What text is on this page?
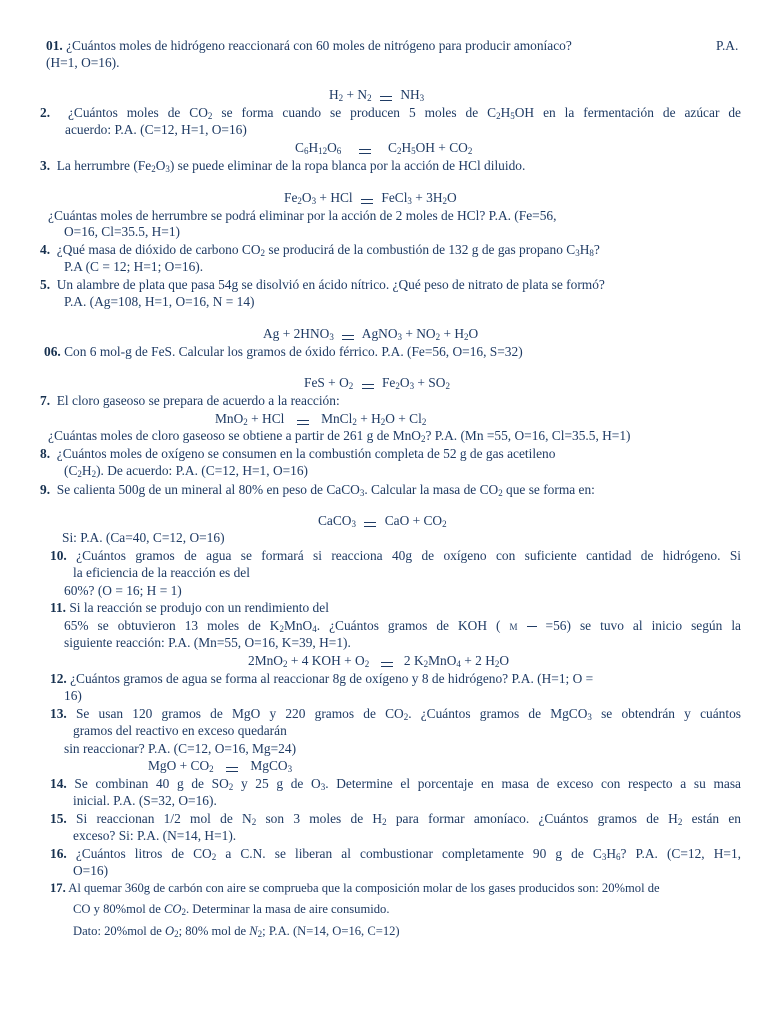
01. ¿Cuántos moles de hidrógeno reaccionará con 60 moles de nitrógeno para producir amoníaco?	P.A.
(H=1, O=16).
$H_2 + N_2$ $NH_3$
2. ¿Cuántos moles de $CO_2$ se forma cuando se producen 5 moles de $C_2H_5OH$ en la fermentación de azúcar de
acuerdo: P.A. (C=12, H=1, O=16)
$C_6H_{12}O_6$	$C_2H_5OH + CO_2$
3. La herrumbre $(Fe_2O_3)$ se puede eliminar de la ropa blanca por la acción de HCl diluido.
$Fe_2O_3$ + HCl FeCl$_3$ + $3H_2O$
¿Cuántas moles de herrumbre se podrá eliminar por la acción de 2 moles de HCl? P.A. (Fe=56,
O=16, Cl=35.5, H=1)
4. ¿Qué masa de dióxido de carbono $CO_2$ se producirá de la combustión de 132 g de gas propano $C_3H_8$?
P.A (C = 12; H=1; O=16).
5. Un alambre de plata que pasa 54g se disolvió en ácido nítrico. ¿Qué peso de nitrato de plata se formó?
P.A. (Ag=108, H=1, O=16, N = 14)
$Ag + 2HNO_3$ AgNO$_3$ + $NO_2 + H_2O$
06. Con 6 mol-g de FeS. Calcular los gramos de óxido férrico. P.A. (Fe=56, O=16, S=32)
FeS + $O_2$ $Fe_2O_3 + SO_2$
7. El cloro gaseoso se prepara de acuerdo a la reacción:
MnO$_2$ + HCl	MnCl$_2$ + $H_2O + Cl_2$
¿Cuántas moles de cloro gaseoso se obtiene a partir de 261 g de MnO$_2$? P.A. (Mn =55, O=16, Cl=35.5, H=1)
8. ¿Cuántos moles de oxígeno se consumen en la combustión completa de 52 g de gas acetileno
$(C_2H_2)$. De acuerdo: P.A. (C=12, H=1, O=16)
9. Se calienta 500g de un mineral al 80% en peso de CaCO$_3$. Calcular la masa de $CO_2$ que se forma en:
CaCO$_3$ CaO + $CO_2$
Si: P.A. (Ca=40, C=12, O=16)
10. ¿Cuántos gramos de agua se formará si reacciona 40g de oxígeno con suficiente cantidad de hidrógeno. Si
la eficiencia de la reacción es del
60%? (O = 16; H = 1)
11. Si la reacción se produjo con un rendimiento del
65% se obtuvieron 13 moles de $K_2MnO_4$. ¿Cuántos gramos de KOH ( M =56) se tuvo al inicio según la
siguiente reacción: P.A. (Mn=55, O=16, K=39, H=1).
2MnO$_2$ + 4 KOH + $O_2$	2 $K_2MnO_4 + 2$ $H_2O$
12. ¿Cuántos gramos de agua se forma al reaccionar 8g de oxígeno y 8 de hidrógeno? P.A. (H=1; O =
16)
13. Se usan 120 gramos de MgO y 220 gramos de $CO_2$. ¿Cuántos gramos de MgCO$_3$ se obtendrán y cuántos
gramos del reactivo en exceso quedarán
sin reaccionar? P.A. (C=12, O=16, Mg=24)
MgO + $CO_2$	MgCO$_3$
14. Se combinan 40 g de $SO_2$ y 25 g de $O_3$. Determine el porcentaje en masa de exceso con respecto a su masa
inicial. P.A. (S=32, O=16).
15. Si reaccionan 1/2 mol de $N_2$ son 3 moles de $H_2$ para formar amoníaco. ¿Cuántos gramos de $H_2$ están en
exceso? Si: P.A. (N=14, H=1).
16. ¿Cuántos litros de $CO_2$ a C.N. se liberan al combustionar completamente 90 g de $C_3H_6$? P.A. (C=12, H=1,
O=16)
17. Al quemar 360g de carbón con aire se comprueba que la composición molar de los gases producidos son: 20%mol de
CO y 80%mol de $CO_2$. Determinar la masa de aire consumido.
Dato: 20%mol de $O_2$; 80% mol de $N_2$; P.A. (N=14, O=16, C=12)
